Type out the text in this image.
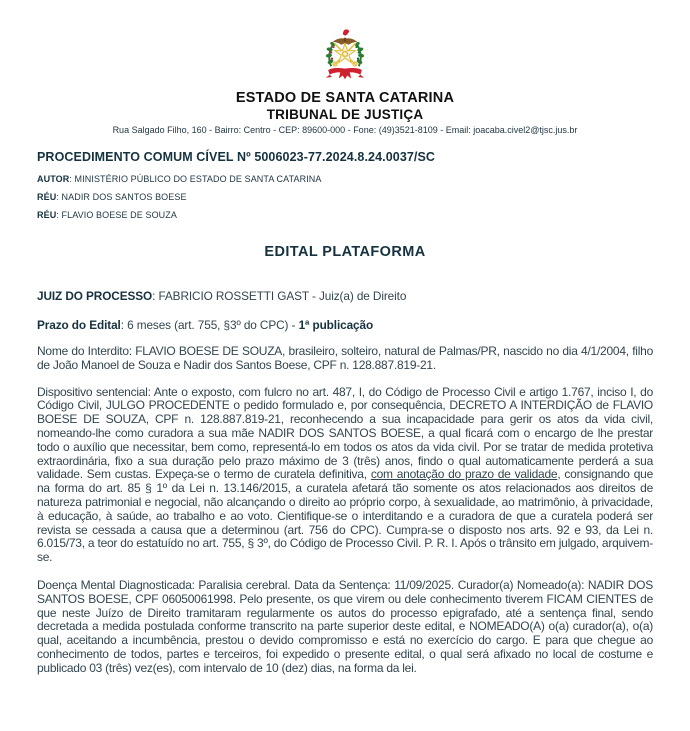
ESTADO DE SANTA CATARINA
TRIBUNAL DE JUSTIÇA
Rua Salgado Filho, 160 - Bairro: Centro - CEP: 89600-000 - Fone: (49)3521-8109 - Email: joacaba.civel2@tjsc.jus.br
PROCEDIMENTO COMUM CÍVEL Nº 5006023-77.2024.8.24.0037/SC
AUTOR: MINISTÉRIO PÚBLICO DO ESTADO DE SANTA CATARINA
RÉU: NADIR DOS SANTOS BOESE
RÉU: FLAVIO BOESE DE SOUZA
EDITAL PLATAFORMA
JUIZ DO PROCESSO: FABRICIO ROSSETTI GAST - Juiz(a) de Direito
Prazo do Edital: 6 meses (art. 755, §3º do CPC) - 1ª publicação

Nome do Interdito: FLAVIO BOESE DE SOUZA, brasileiro, solteiro, natural de Palmas/PR, nascido no dia 4/1/2004, filho de João Manoel de Souza e Nadir dos Santos Boese, CPF n. 128.887.819-21.

Dispositivo sentencial: Ante o exposto, com fulcro no art. 487, I, do Código de Processo Civil e artigo 1.767, inciso I, do Código Civil, JULGO PROCEDENTE o pedido formulado e, por consequência, DECRETO A INTERDIÇÃO de FLAVIO BOESE DE SOUZA, CPF n. 128.887.819-21, reconhecendo a sua incapacidade para gerir os atos da vida civil, nomeando-lhe como curadora a sua mãe NADIR DOS SANTOS BOESE, a qual ficará com o encargo de lhe prestar todo o auxílio que necessitar, bem como, representá-lo em todos os atos da vida civil. Por se tratar de medida protetiva extraordinária, fixo a sua duração pelo prazo máximo de 3 (três) anos, findo o qual automaticamente perderá a sua validade. Sem custas. Expeça-se o termo de curatela definitiva, com anotação do prazo de validade, consignando que na forma do art. 85 § 1º da Lei n. 13.146/2015, a curatela afetará tão somente os atos relacionados aos direitos de natureza patrimonial e negocial, não alcançando o direito ao próprio corpo, à sexualidade, ao matrimônio, à privacidade, à educação, à saúde, ao trabalho e ao voto. Cientifique-se o interditando e a curadora de que a curatela poderá ser revista se cessada a causa que a determinou (art. 756 do CPC). Cumpra-se o disposto nos arts. 92 e 93, da Lei n. 6.015/73, a teor do estatuído no art. 755, § 3º, do Código de Processo Civil. P. R. I. Após o trânsito em julgado, arquivem-se.

Doença Mental Diagnosticada: Paralisia cerebral. Data da Sentença: 11/09/2025. Curador(a) Nomeado(a): NADIR DOS SANTOS BOESE, CPF 06050061998. Pelo presente, os que virem ou dele conhecimento tiverem FICAM CIENTES de que neste Juízo de Direito tramitaram regularmente os autos do processo epigrafado, até a sentença final, sendo decretada a medida postulada conforme transcrito na parte superior deste edital, e NOMEADO(A) o(a) curador(a), o(a) qual, aceitando a incumbência, prestou o devido compromisso e está no exercício do cargo. E para que chegue ao conhecimento de todos, partes e terceiros, foi expedido o presente edital, o qual será afixado no local de costume e publicado 03 (três) vez(es), com intervalo de 10 (dez) dias, na forma da lei.
